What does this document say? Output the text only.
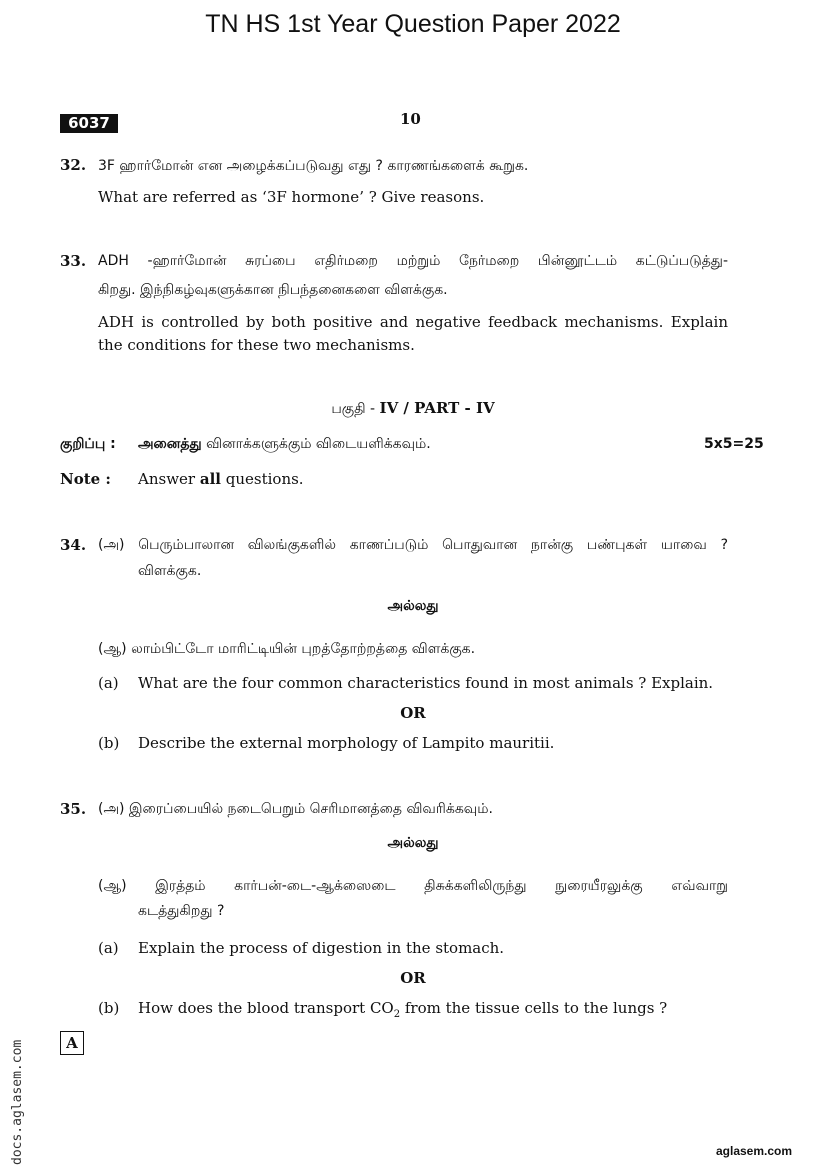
TN HS 1st Year Question Paper 2022
6037	10
32. 3F ஹார்மோன் என அழைக்கப்படுவது எது ? காரணங்களைக் கூறுக.
What are referred as ‘3F hormone’ ? Give reasons.
33. ADH -ஹார்மோன் சுரப்பை எதிர்மறை மற்றும் நேர்மறை பின்னூட்டம் கட்டுப்படுத்து-
கிறது. இந்நிகழ்வுகளுக்கான நிபந்தனைகளை விளக்குக.
ADH is controlled by both positive and negative feedback mechanisms. Explain
the conditions for these two mechanisms.
பகுதி - IV / PART - IV
குறிப்பு : அனைத்து வினாக்களுக்கும் விடையளிக்கவும்.	5x5=25
Note : Answer all questions.
34. (அ) பெரும்பாலான விலங்குகளில் காணப்படும் பொதுவான நான்கு பண்புகள் யாவை ?
விளக்குக.
அல்லது
(ஆ) லாம்பிட்டோ மாரிட்டியின் புறத்தோற்றத்தை விளக்குக.
(a) What are the four common characteristics found in most animals ? Explain.
OR
(b) Describe the external morphology of Lampito mauritii.
35. (அ) இரைப்பையில் நடைபெறும் செரிமானத்தை விவரிக்கவும்.
அல்லது
(ஆ) இரத்தம் கார்பன்-டை-ஆக்ஸைடை திசுக்களிலிருந்து நுரையீரலுக்கு எவ்வாறு
கடத்துகிறது ?
(a) Explain the process of digestion in the stomach.
OR
(b) How does the blood transport $CO_2$ from the tissue cells to the lungs ?
A
docs.aglasem.com	aglasem.com
